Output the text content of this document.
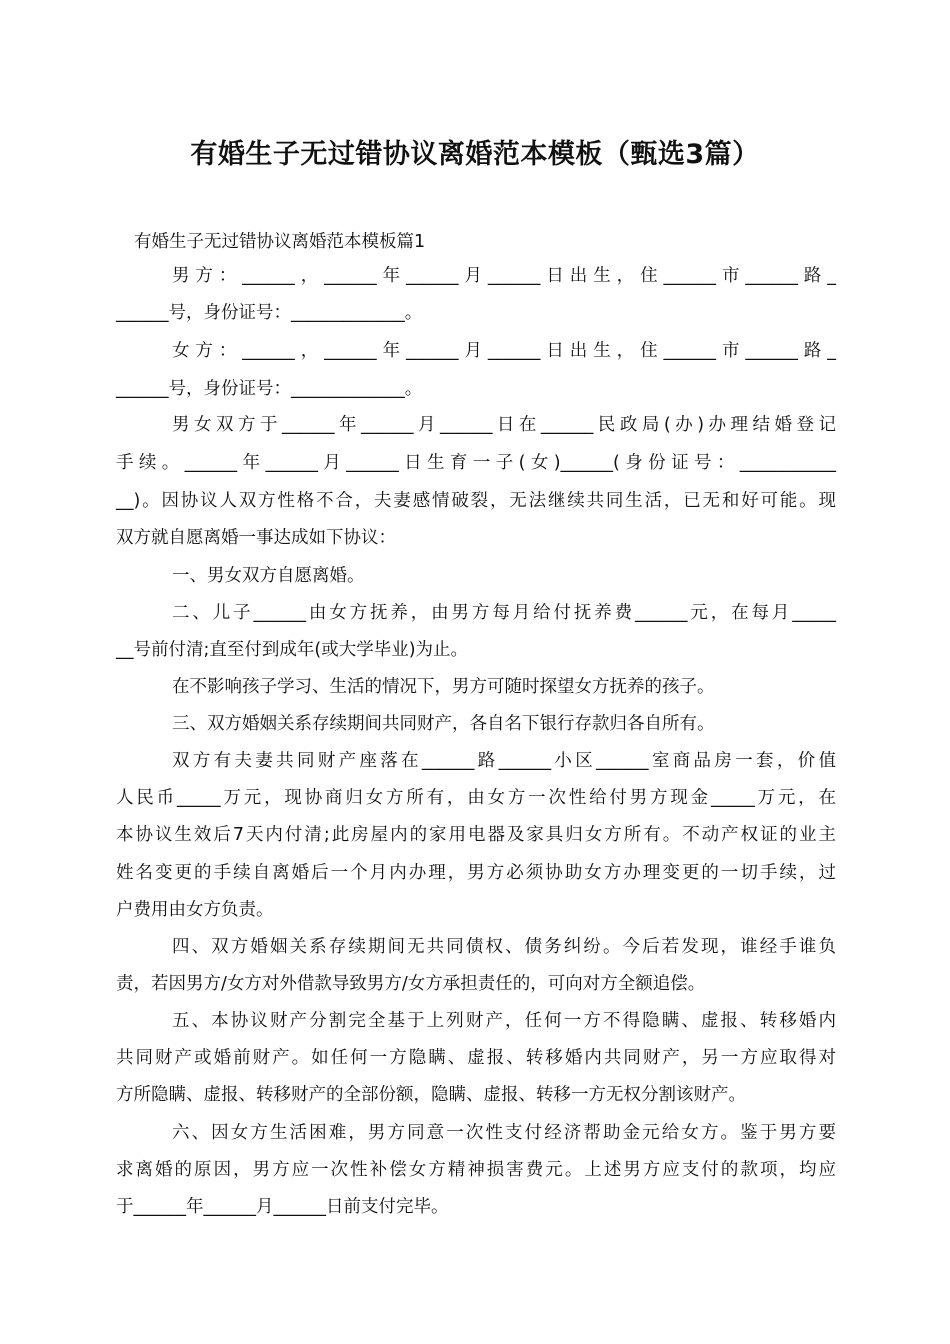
有婚生子无过错协议离婚范本模板（甄选3篇）
有婚生子无过错协议离婚范本模板篇1
男方：______，______年______月______日出生，住______市______路_
______号，身份证号：_____________。
女方：______，______年______月______日出生，住______市______路_
______号，身份证号：_____________。
男女双方于______年______月______日在______民政局(办)办理结婚登记
手续。______年______月______日生育一子(女)______(身份证号：___________
__)。因协议人双方性格不合，夫妻感情破裂，无法继续共同生活，已无和好可能。现
双方就自愿离婚一事达成如下协议：
一、男女双方自愿离婚。
二、儿子______由女方抚养，由男方每月给付抚养费______元，在每月_____
__号前付清;直至付到成年(或大学毕业)为止。
在不影响孩子学习、生活的情况下，男方可随时探望女方抚养的孩子。
三、双方婚姻关系存续期间共同财产，各自名下银行存款归各自所有。
双方有夫妻共同财产座落在______路______小区______室商品房一套，价值
人民币_____万元，现协商归女方所有，由女方一次性给付男方现金_____万元，在
本协议生效后7天内付清;此房屋内的家用电器及家具归女方所有。不动产权证的业主
姓名变更的手续自离婚后一个月内办理，男方必须协助女方办理变更的一切手续，过
户费用由女方负责。
四、双方婚姻关系存续期间无共同债权、债务纠纷。今后若发现，谁经手谁负
责，若因男方/女方对外借款导致男方/女方承担责任的，可向对方全额追偿。
五、本协议财产分割完全基于上列财产，任何一方不得隐瞒、虚报、转移婚内
共同财产或婚前财产。如任何一方隐瞒、虚报、转移婚内共同财产，另一方应取得对
方所隐瞒、虚报、转移财产的全部份额，隐瞒、虚报、转移一方无权分割该财产。
六、因女方生活困难，男方同意一次性支付经济帮助金元给女方。鉴于男方要
求离婚的原因，男方应一次性补偿女方精神损害费元。上述男方应支付的款项，均应
于______年______月______日前支付完毕。
